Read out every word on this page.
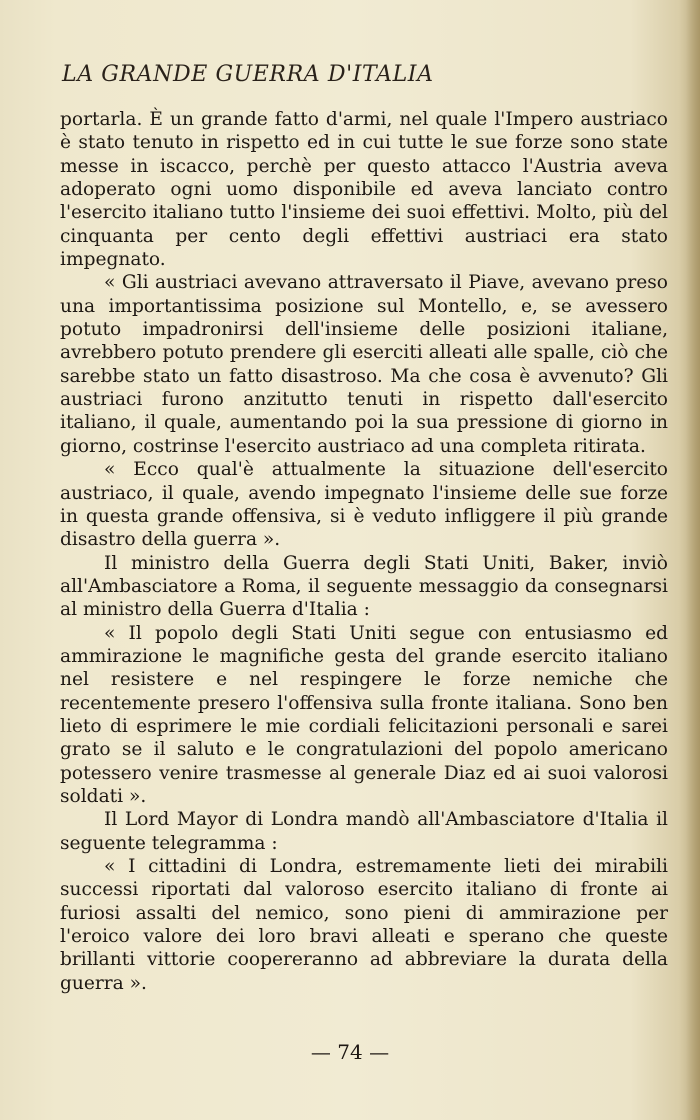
LA GRANDE GUERRA D'ITALIA

portarla. È un grande fatto d'armi, nel quale l'Impero austriaco è stato tenuto in rispetto ed in cui tutte le sue forze sono state messe in iscacco, perchè per questo attacco l'Austria aveva adoperato ogni uomo disponibile ed aveva lanciato contro l'esercito italiano tutto l'insieme dei suoi effettivi. Molto, più del cinquanta per cento degli effettivi austriaci era stato impegnato.

« Gli austriaci avevano attraversato il Piave, avevano preso una importantissima posizione sul Montello, e, se avessero potuto impadronirsi dell'insieme delle posizioni italiane, avrebbero potuto prendere gli eserciti alleati alle spalle, ciò che sarebbe stato un fatto disastroso. Ma che cosa è avvenuto? Gli austriaci furono anzitutto tenuti in rispetto dall'esercito italiano, il quale, aumentando poi la sua pressione di giorno in giorno, costrinse l'esercito austriaco ad una completa ritirata.

« Ecco qual'è attualmente la situazione dell'esercito austriaco, il quale, avendo impegnato l'insieme delle sue forze in questa grande offensiva, si è veduto infliggere il più grande disastro della guerra ».

Il ministro della Guerra degli Stati Uniti, Baker, inviò all'Ambasciatore a Roma, il seguente messaggio da consegnarsi al ministro della Guerra d'Italia :

« Il popolo degli Stati Uniti segue con entusiasmo ed ammirazione le magnifiche gesta del grande esercito italiano nel resistere e nel respingere le forze nemiche che recentemente presero l'offensiva sulla fronte italiana. Sono ben lieto di esprimere le mie cordiali felicitazioni personali e sarei grato se il saluto e le congratulazioni del popolo americano potessero venire trasmesse al generale Diaz ed ai suoi valorosi soldati ».

Il Lord Mayor di Londra mandò all'Ambasciatore d'Italia il seguente telegramma :

« I cittadini di Londra, estremamente lieti dei mirabili successi riportati dal valoroso esercito italiano di fronte ai furiosi assalti del nemico, sono pieni di ammirazione per l'eroico valore dei loro bravi alleati e sperano che queste brillanti vittorie coopereranno ad abbreviare la durata della guerra ».

— 74 —
